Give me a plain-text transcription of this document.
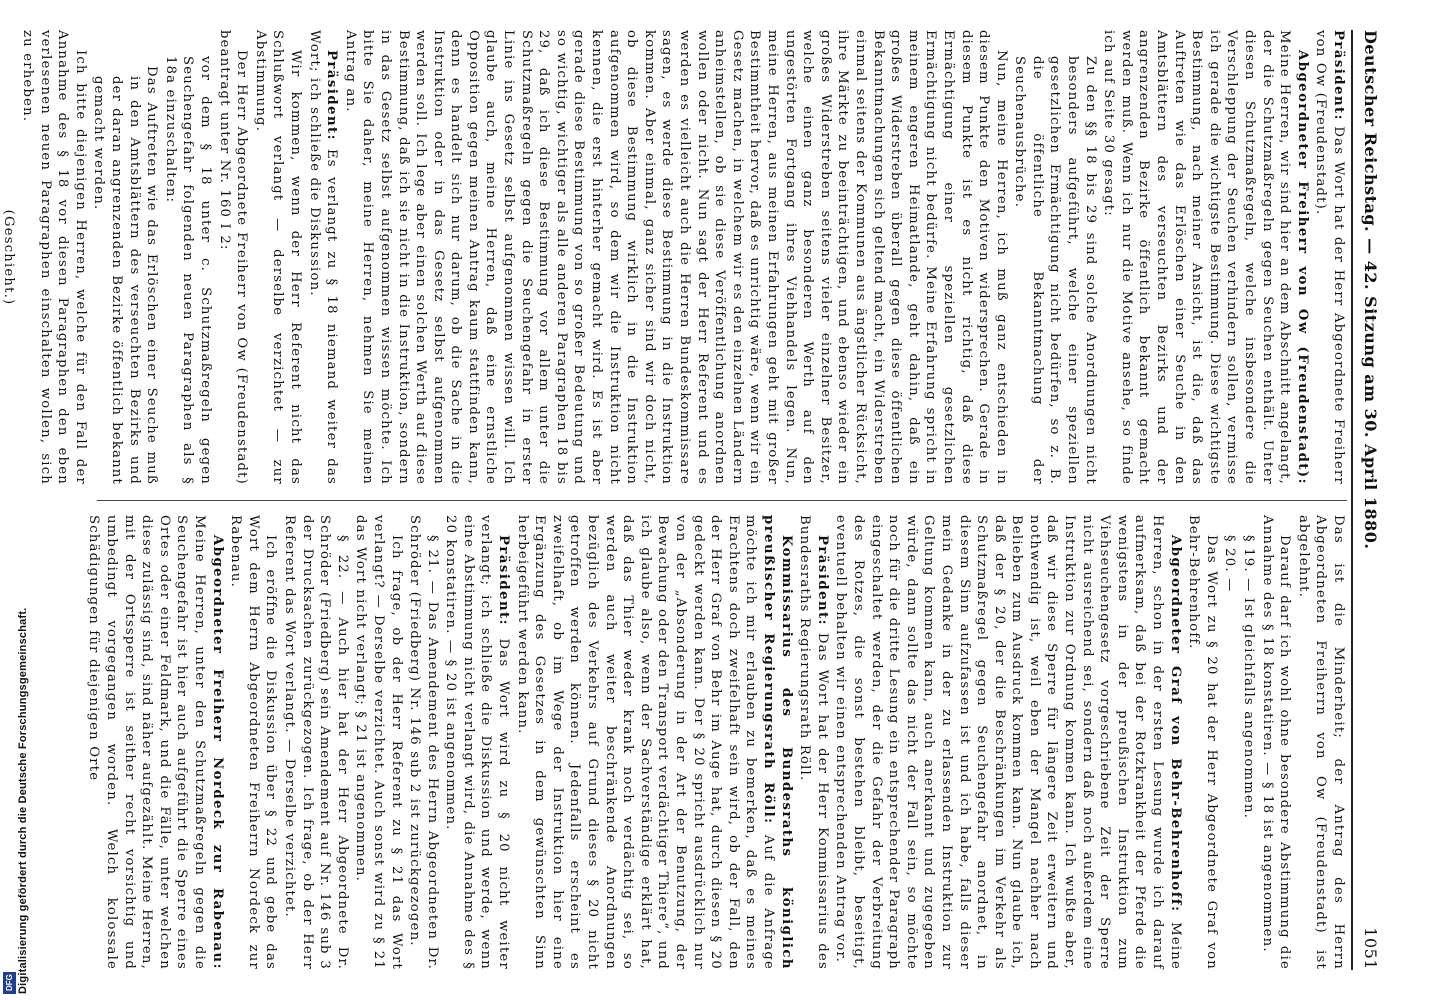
Deutscher Reichstag. — 42. Sitzung am 30. April 1880.
1051

Präsident: Das Wort hat der Herr Abgeordnete Freiherr von Ow (Freudenstadt).

Abgeordneter Freiherr von Ow (Freudenstadt): Meine Herren, wir sind hier an dem Abschnitt angelangt, der die Schutzmaßregeln gegen Seuchen enthält. Unter diesen Schutzmaßregeln, welche insbesondere die Verschleppung der Seuchen verhindern sollen, vermisse ich gerade die wichtigste Bestimmung. Diese wichtigste Bestimmung, nach meiner Ansicht, ist die, daß das Auftreten wie das Erlöschen einer Seuche in den Amtsblättern des verseuchten Bezirks und der angrenzenden Bezirke öffentlich bekannt gemacht werden muß. Wenn ich nur die Motive ansehe, so finde ich auf Seite 30 gesagt:

Zu den §§ 18 bis 29 sind solche Anordnungen nicht besonders aufgeführt, welche einer speziellen gesetzlichen Ermächtigung nicht bedürfen, so z. B. die öffentliche Bekanntmachung der Seuchenausbrüche.

Nun, meine Herren, ich muß ganz entschieden in diesem Punkte den Motiven widersprechen. Gerade in diesem Punkte ist es nicht richtig, daß diese Ermächtigung einer speziellen gesetzlichen Ermächtigung nicht bedürfe. Meine Erfahrung spricht in meinem engeren Heimatlande, geht dahin, daß ein großes Widerstreben überall gegen diese öffentlichen Bekanntmachungen sich geltend macht, ein Widerstreben einmal seitens der Kommunen aus ängstlicher Rücksicht, ihre Märkte zu beeinträchtigen, und ebenso wieder ein großes Widerstreben seitens vieler einzelner Besitzer, welche einen ganz besonderen Werth auf den ungestörten Fortgang ihres Viehhandels legen. Nun, meine Herren, aus meinen Erfahrungen geht mit großer Bestimmtheit hervor, daß es unrichtig wäre, wenn wir ein Gesetz machen, in welchem wir es den einzelnen Ländern anheimstellen, ob sie diese Veröffentlichung anordnen wollen oder nicht. Nun sagt der Herr Referent und es werden es vielleicht auch die Herren Bundeskommissare sagen, es werde diese Bestimmung in die Instruktion kommen. Aber einmal, ganz sicher sind wir doch nicht, ob diese Bestimmung wirklich in die Instruktion aufgenommen wird, so dem wir die Instruktion nicht kennen, die erst hinterher gemacht wird. Es ist aber gerade diese Bestimmung von so großer Bedeutung und so wichtig, wichtiger als alle anderen Paragraphen 18 bis 29, daß ich diese Bestimmung vor allem unter die Schutzmaßregeln gegen die Seuchengefahr in erster Linie ins Gesetz selbst aufgenommen wissen will. Ich glaube auch, meine Herren, daß eine ernstliche Opposition gegen meinen Antrag kaum stattfinden kann, denn es handelt sich nur darum, ob die Sache in die Instruktion oder in das Gesetz selbst aufgenommen werden soll. Ich lege aber einen solchen Werth auf diese Bestimmung, daß ich sie nicht in die Instruktion, sondern in das Gesetz selbst aufgenommen wissen möchte. Ich bitte Sie daher, meine Herren, nehmen Sie meinen Antrag an.

Präsident: Es verlangt zu § 18 niemand weiter das Wort; ich schließe die Diskussion.

Wir kommen, wenn der Herr Referent nicht das Schlußwort verlangt — derselbe verzichtet — zur Abstimmung.

Der Herr Abgeordnete Freiherr von Ow (Freudenstadt) beantragt unter Nr. 160 I 2:

vor dem § 18 unter c. Schutzmaßregeln gegen Seuchengefahr folgenden neuen Paragraphen als § 18a einzuschalten:

Das Auftreten wie das Erlöschen einer Seuche muß in den Amtsblättern des verseuchten Bezirks und der daran angrenzenden Bezirke öffentlich bekannt gemacht werden.

Ich bitte diejenigen Herren, welche für den Fall der Annahme des § 18 vor diesen Paragraphen den eben verlesenen neuen Paragraphen einschalten wollen, sich zu erheben.

(Geschieht.)

Das ist die Minderheit; der Antrag des Herrn Abgeordneten Freiherrn von Ow (Freudenstadt) ist abgelehnt.

Darauf darf ich wohl ohne besondere Abstimmung die Annahme des § 18 konstatiren. — § 18 ist angenommen.

§ 19. — Ist gleichfalls angenommen.

§ 20. —

Das Wort zu § 20 hat der Herr Abgeordnete Graf von Behr-Behrenhoff.

Abgeordneter Graf von Behr-Behrenhoff: Meine Herren, schon in der ersten Lesung wurde ich darauf aufmerksam, daß bei der Rotzkrankheit der Pferde die wenigstens in der preußischen Instruktion zum Viehseuchengesetz vorgeschriebene Zeit der Sperre nicht ausreichend sei, sondern daß noch außerdem eine Instruktion zur Ordnung kommen kann. Ich wußte aber, daß wir diese Sperre für längere Zeit erweitern und nothwendig ist, weil eben der Mangel nachher nach Belieben zum Ausdruck kommen kann. Nun glaube ich, daß der § 20, der die Beschränkungen im Verkehr als Schutzmaßregel gegen Seuchengefahr anordnet, in diesem Sinn aufzufassen ist und ich habe, falls dieser mein Gedanke in der zu erlassenden Instruktion zur Geltung kommen kann, auch anerkannt und zugegeben würde, dann sollte das nicht der Fall sein, so möchte noch für die dritte Lesung ein entsprechender Paragraph eingeschaltet werden, der die Gefahr der Verbreitung des Rotzes, die sonst bestehen bleibt, beseitigt, eventuell behalten wir einen entsprechenden Antrag vor.

Präsident: Das Wort hat der Herr Kommissarius des Bundesraths Regierungsrath Röll.

Kommissarius des Bundesraths königlich preußischer Regierungsrath Röll: Auf die Anfrage möchte ich mir erlauben zu bemerken, daß es meines Erachtens doch zweifelhaft sein wird, ob der Fall, den der Herr Graf von Behr im Auge hat, durch diesen § 20 gedeckt werden kann. Der § 20 spricht ausdrücklich nur von der „Absonderung in der Art der Benutzung, der Bewachung oder den Transport verdächtiger Thiere“, und ich glaube also, wenn der Sachverständige erklärt hat, daß das Thier weder krank noch verdächtig sei, so werden auch weiter beschränkende Anordnungen bezüglich des Verkehrs auf Grund dieses § 20 nicht getroffen werden können. Jedenfalls erscheint es zweifelhaft, ob im Wege der Instruktion hier eine Ergänzung des Gesetzes in dem gewünschten Sinn herbeigeführt werden kann.

Präsident: Das Wort wird zu § 20 nicht weiter verlangt; ich schließe die Diskussion und werde, wenn eine Abstimmung nicht verlangt wird, die Annahme des § 20 konstatiren. — § 20 ist angenommen.

§ 21. — Das Amendement des Herrn Abgeordneten Dr. Schröder (Friedberg) Nr. 146 sub 2 ist zurückgezogen.

Ich frage, ob der Herr Referent zu § 21 das Wort verlangt? — Derselbe verzichtet. Auch sonst wird zu § 21 das Wort nicht verlangt; § 21 ist angenommen.

§ 22. — Auch hier hat der Herr Abgeordnete Dr. Schröder (Friedberg) sein Amendement auf Nr. 146 sub 3 der Drucksachen zurückgezogen. Ich frage, ob der Herr Referent das Wort verlangt. — Derselbe verzichtet.

Ich eröffne die Diskussion über § 22 und gebe das Wort dem Herrn Abgeordneten Freiherrn Nordeck zur Rabenau.

Abgeordneter Freiherr Nordeck zur Rabenau: Meine Herren, unter den Schutzmaßregeln gegen die Seuchengefahr ist hier auch aufgeführt die Sperre eines Ortes oder einer Feldmark, und die Fälle, unter welchen diese zulässig sind, sind näher aufgezählt. Meine Herren, mit der Ortssperre ist seither recht vorsichtig und umbedingt vorgegangen worden. Welch kolossale Schädigungen für diejenigen Orte

Digitalisierung gefördert durch die Deutsche Forschungsgemeinschaft.
DFG
